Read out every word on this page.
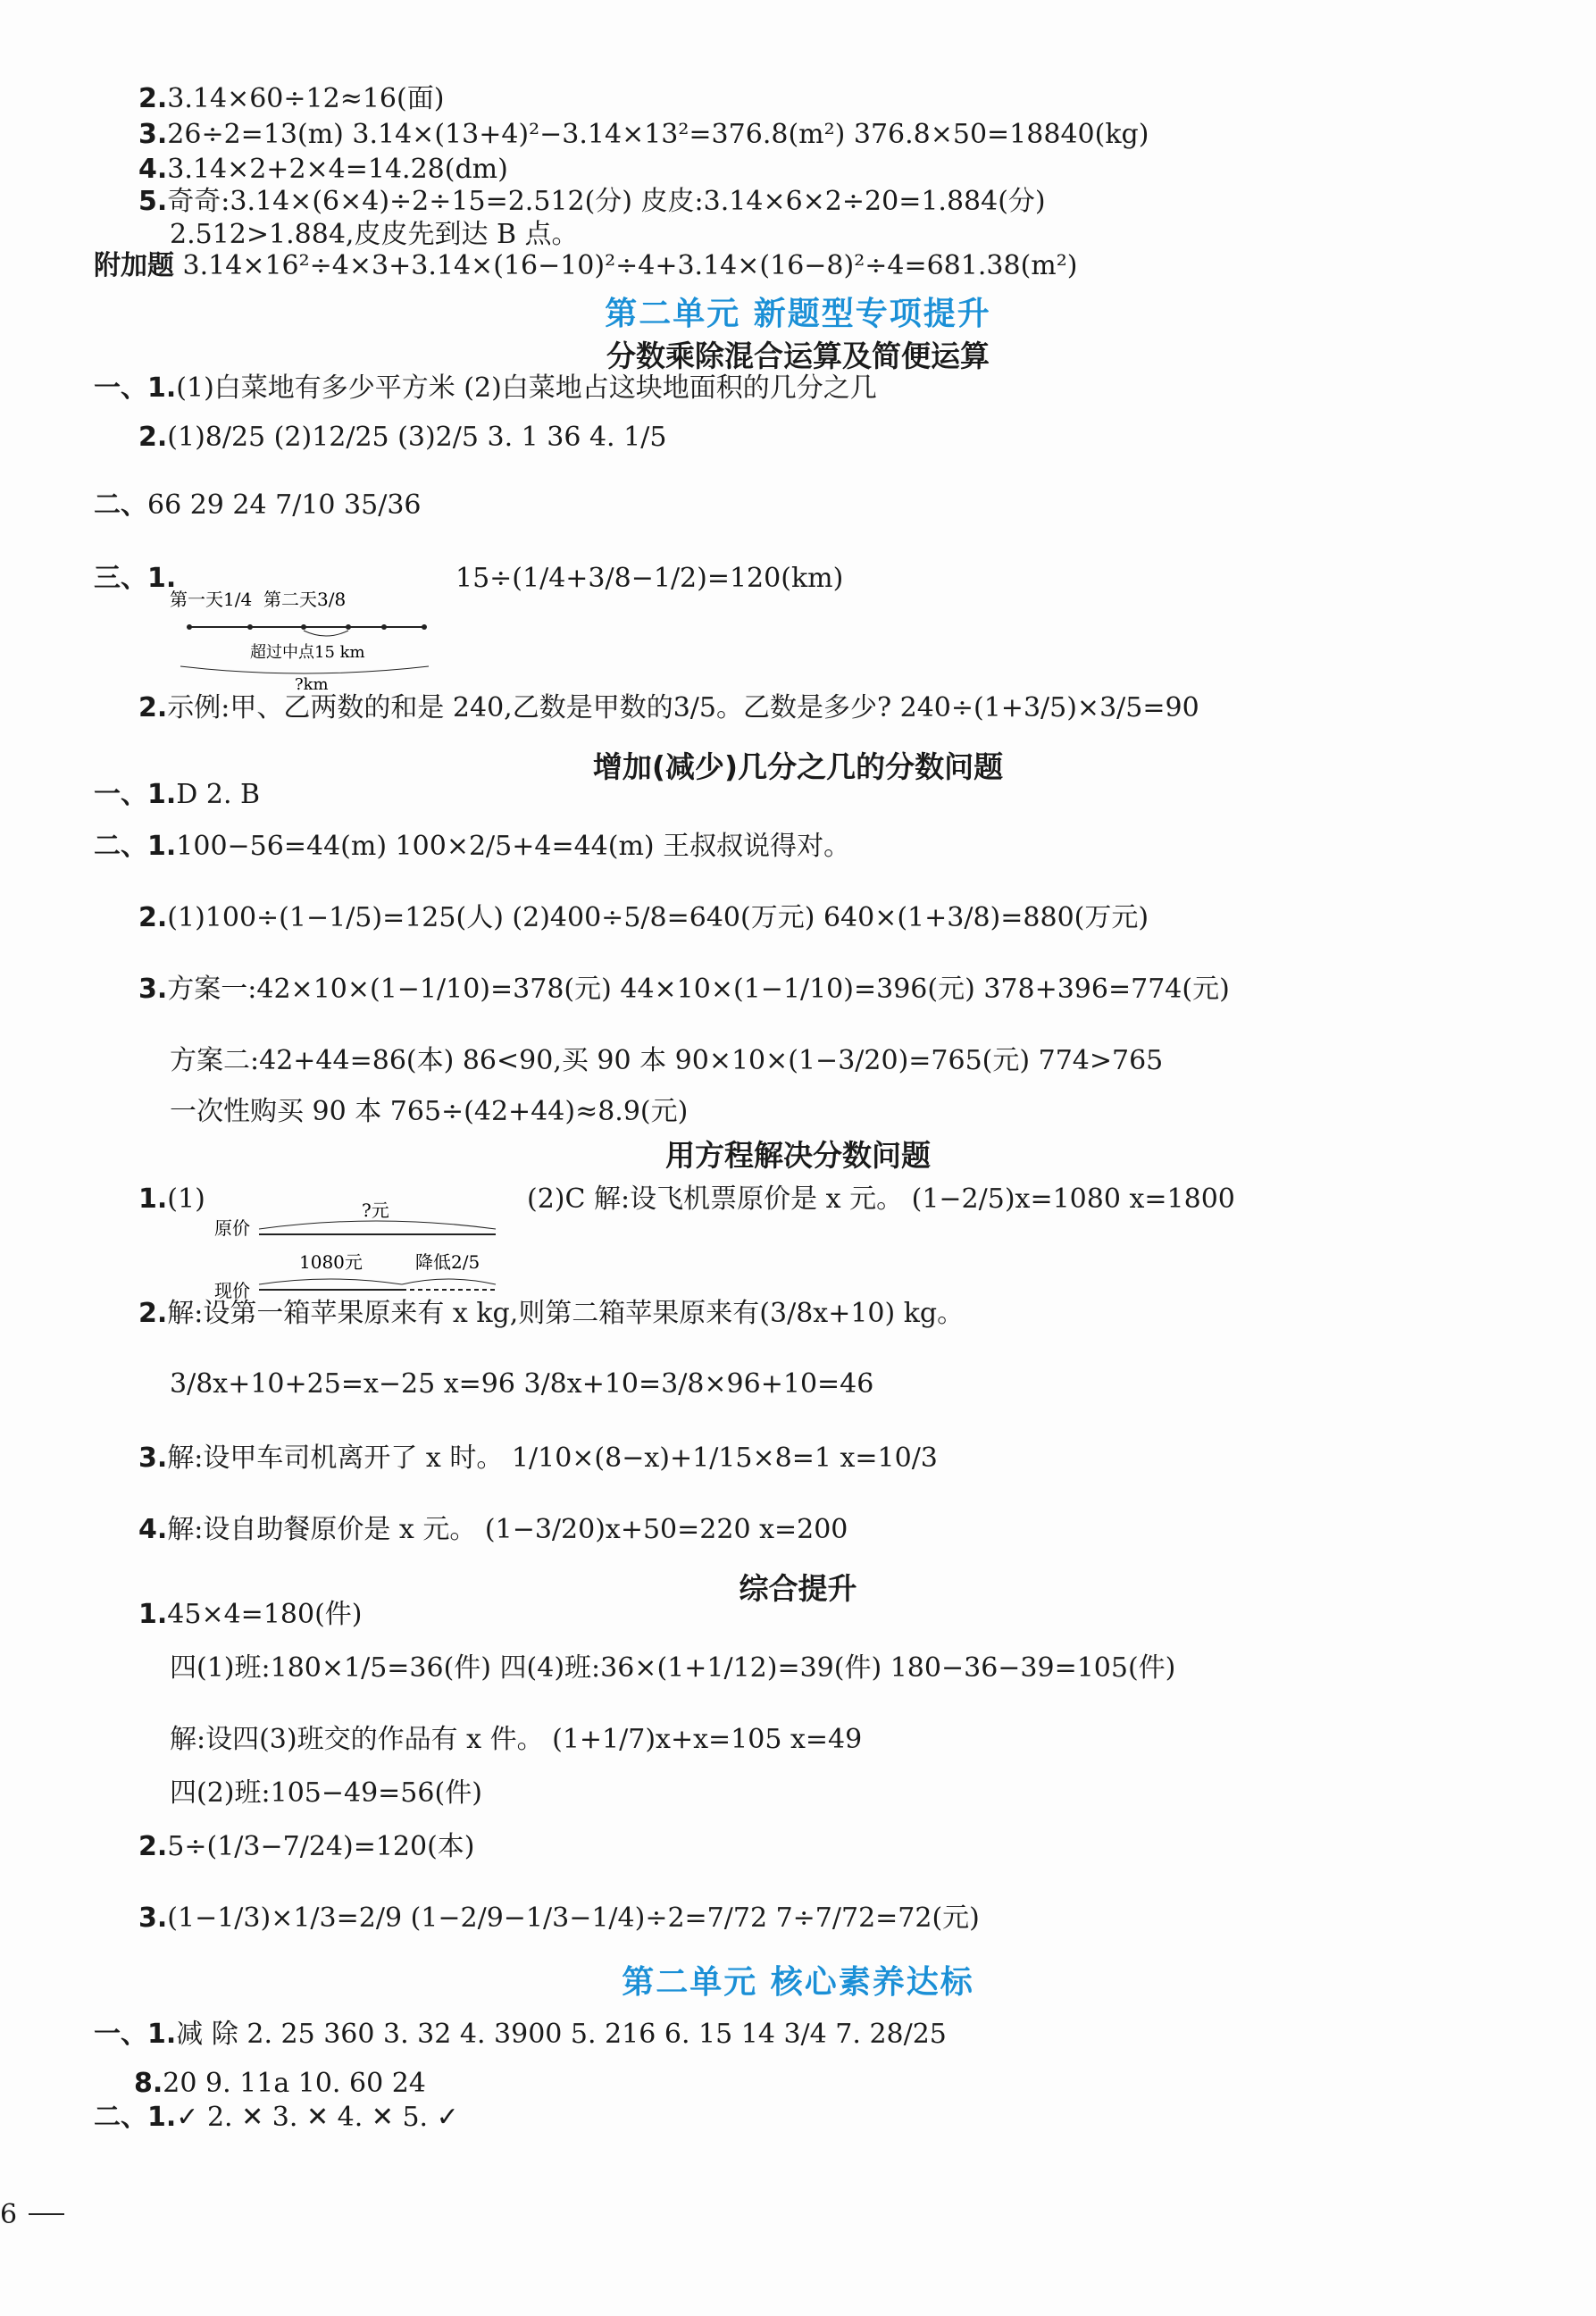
2.3.14×60÷12≈16(面)
3.26÷2=13(m) 3.14×(13+4)²−3.14×13²=376.8(m²) 376.8×50=18840(kg)
4.3.14×2+2×4=14.28(dm)
5.奇奇:3.14×(6×4)÷2÷15=2.512(分) 皮皮:3.14×6×2÷20=1.884(分)
2.512>1.884,皮皮先到达 B 点。
附加题 3.14×16²÷4×3+3.14×(16−10)²÷4+3.14×(16−8)²÷4=681.38(m²)
一、1.(1)白菜地有多少平方米 (2)白菜地占这块地面积的几分之几
2.(1)8/25 (2)12/25 (3)2/5 3. 1 36 4. 1/5
二、66 29 24 7/10 35/36
三、1.	15÷(1/4+3/8−1/2)=120(km)
2.示例:甲、乙两数的和是 240,乙数是甲数的3/5。乙数是多少? 240÷(1+3/5)×3/5=90
一、1.D 2. B
二、1.100−56=44(m) 100×2/5+4=44(m) 王叔叔说得对。
2.(1)100÷(1−1/5)=125(人) (2)400÷5/8=640(万元) 640×(1+3/8)=880(万元)
3.方案一:42×10×(1−1/10)=378(元) 44×10×(1−1/10)=396(元) 378+396=774(元)
方案二:42+44=86(本) 86<90,买 90 本 90×10×(1−3/20)=765(元) 774>765
一次性购买 90 本 765÷(42+44)≈8.9(元)
1.(1)	(2)C 解:设飞机票原价是 x 元。 (1−2/5)x=1080 x=1800
2.解:设第一箱苹果原来有 x kg,则第二箱苹果原来有(3/8x+10) kg。
3/8x+10+25=x−25 x=96 3/8x+10=3/8×96+10=46
3.解:设甲车司机离开了 x 时。 1/10×(8−x)+1/15×8=1 x=10/3
4.解:设自助餐原价是 x 元。 (1−3/20)x+50=220 x=200
1.45×4=180(件)
四(1)班:180×1/5=36(件) 四(4)班:36×(1+1/12)=39(件) 180−36−39=105(件)
解:设四(3)班交的作品有 x 件。 (1+1/7)x+x=105 x=49
四(2)班:105−49=56(件)
2.5÷(1/3−7/24)=120(本)
3.(1−1/3)×1/3=2/9 (1−2/9−1/3−1/4)÷2=7/72 7÷7/72=72(元)
一、1.减 除 2. 25 360 3. 32 4. 3900 5. 216 6. 15 14 3/4 7. 28/25
8.20 9. 11a 10. 60 24
二、1.✓ 2. ✕ 3. ✕ 4. ✕ 5. ✓
第二单元 新题型专项提升
分数乘除混合运算及简便运算
增加(减少)几分之几的分数问题
用方程解决分数问题
综合提升
第二单元 核心素养达标
第一天1/4 第二天3/8
超过中点15 km
?km
?元
原价
1080元	降低2/5
现价
6
